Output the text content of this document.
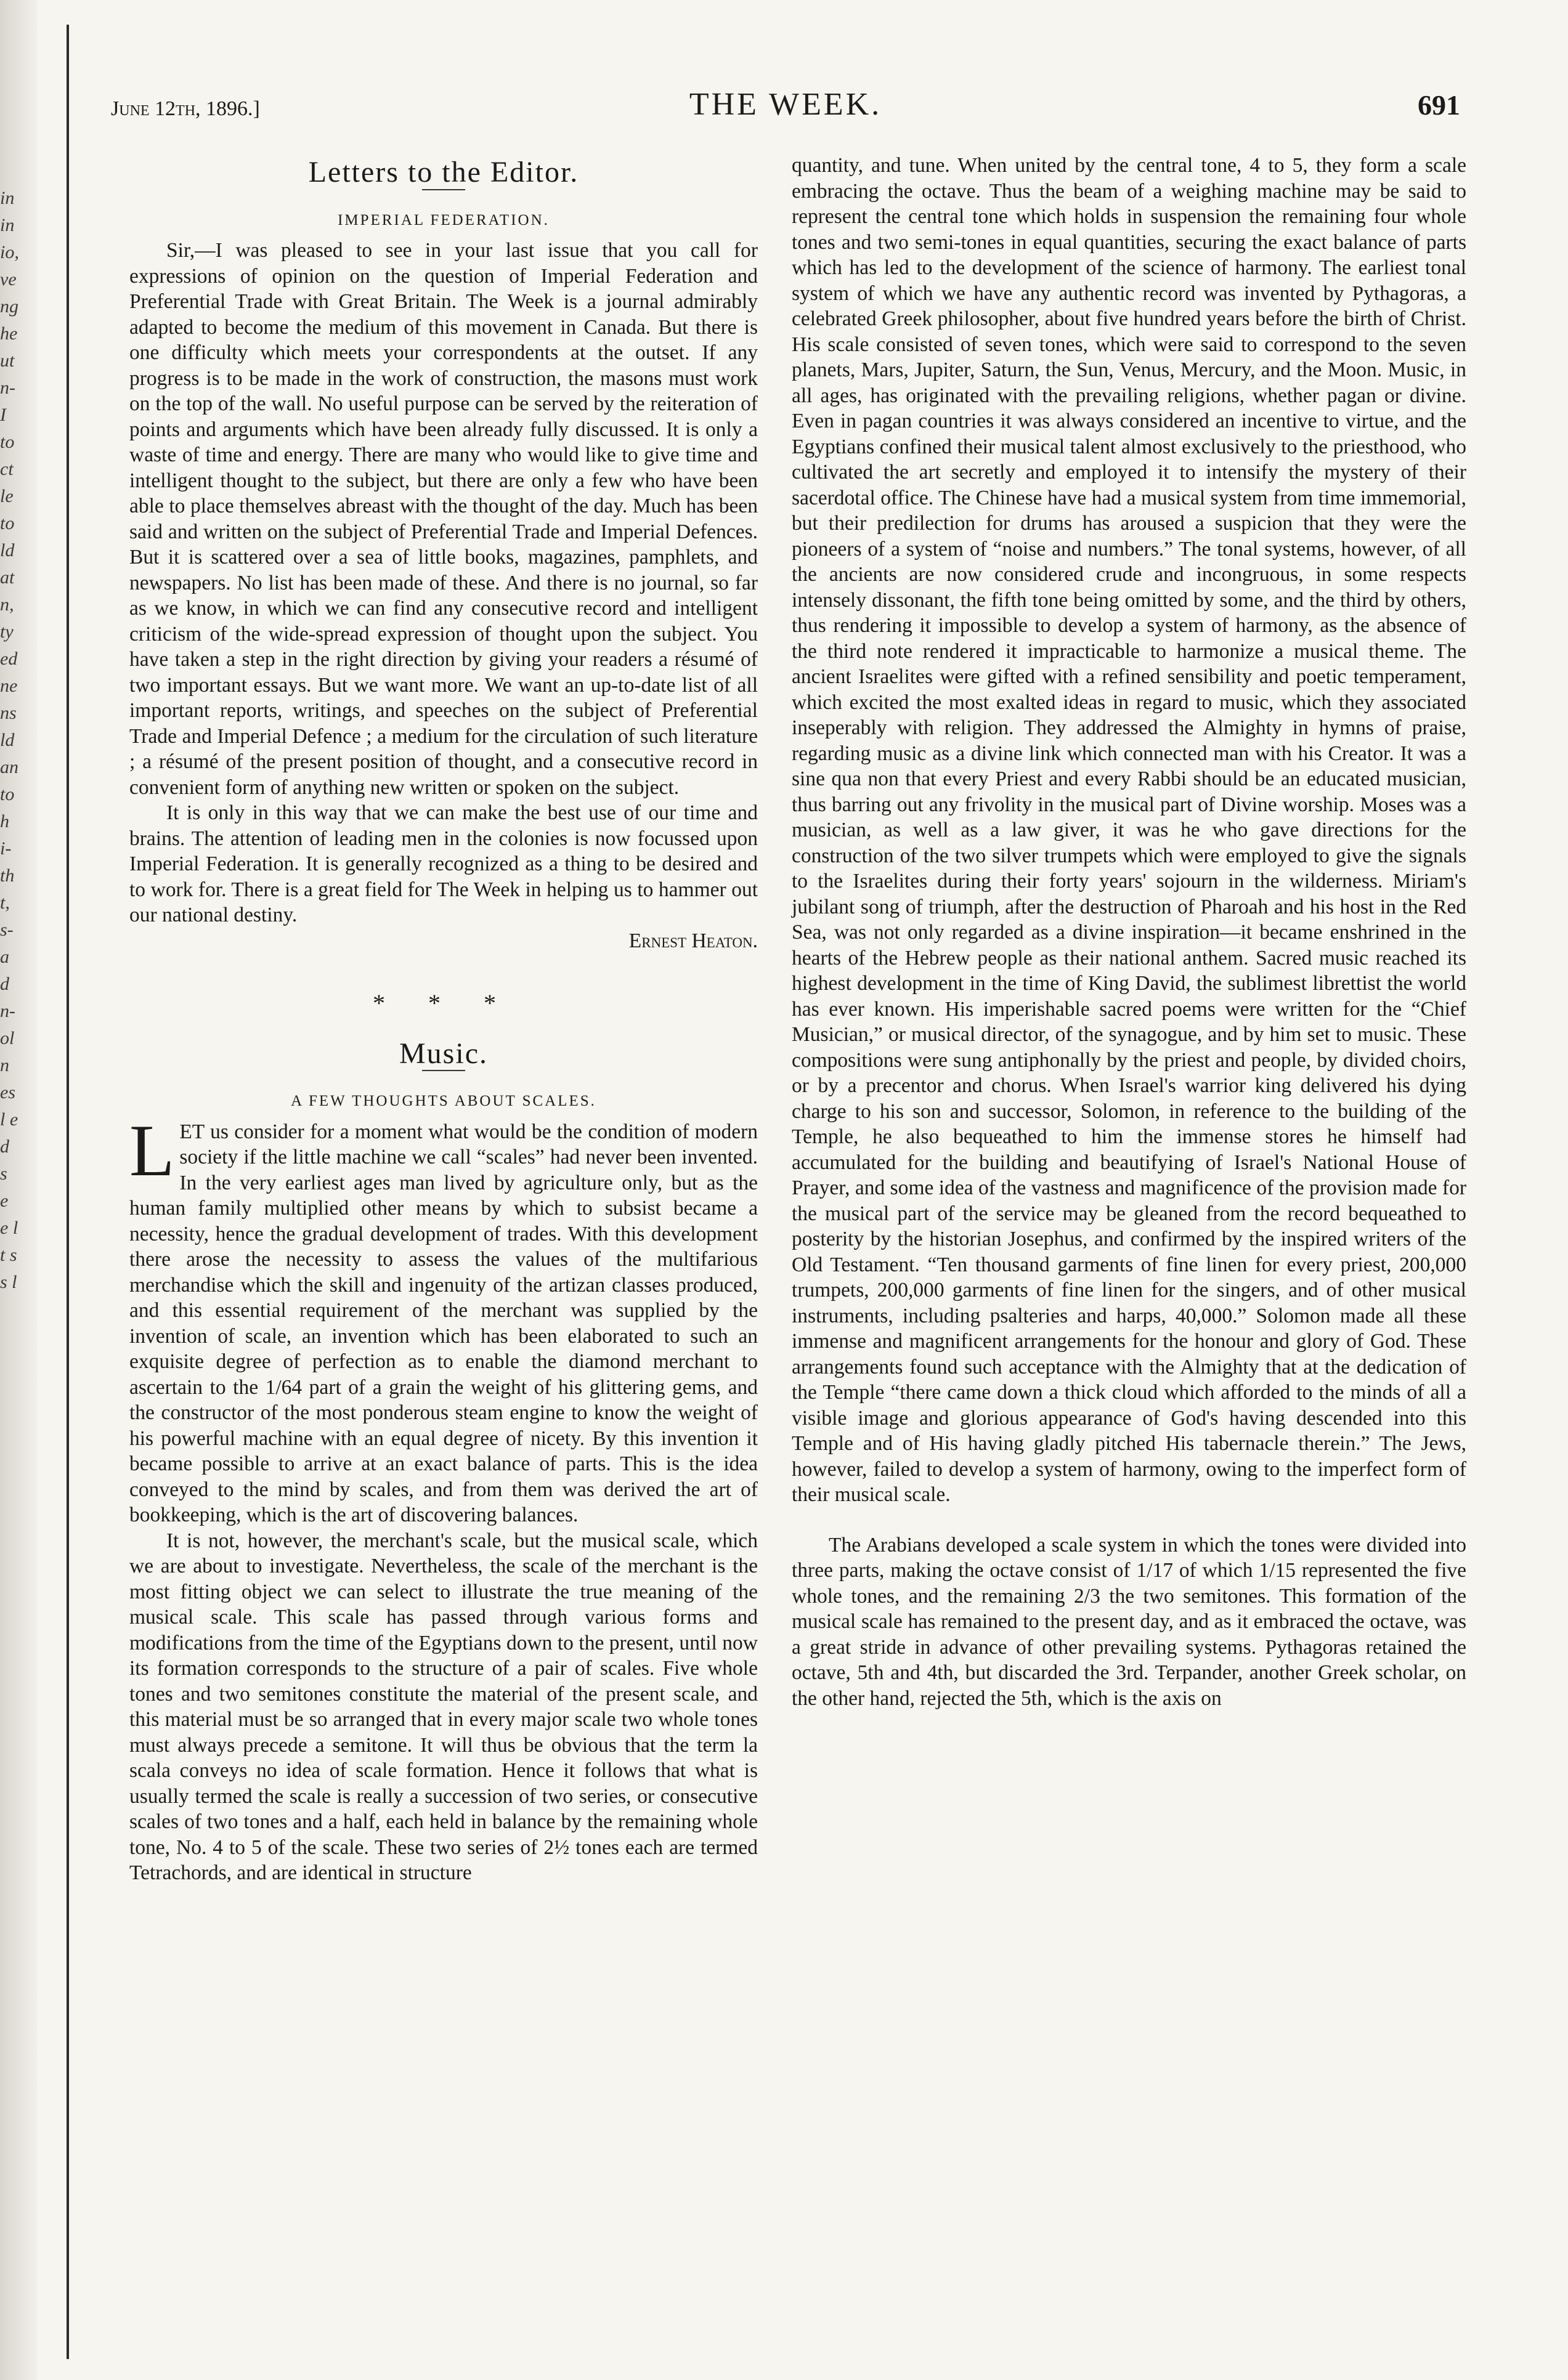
in in io, ve ng he ut n- I to ct le to ld at n, ty ed ne ns ld an to h i- th t, s- a d n- ol n es l e d s e e l t s s l
June 12th, 1896.]	THE WEEK.	691
Letters to the Editor.
IMPERIAL FEDERATION.

Sir,—I was pleased to see in your last issue that you call for expressions of opinion on the question of Imperial Federation and Preferential Trade with Great Britain. The Week is a journal admirably adapted to become the medium of this movement in Canada. But there is one difficulty which meets your correspondents at the outset. If any progress is to be made in the work of construction, the masons must work on the top of the wall. No useful purpose can be served by the reiteration of points and arguments which have been already fully discussed. It is only a waste of time and energy. There are many who would like to give time and intelligent thought to the subject, but there are only a few who have been able to place themselves abreast with the thought of the day. Much has been said and written on the subject of Preferential Trade and Imperial Defences. But it is scattered over a sea of little books, magazines, pamphlets, and newspapers. No list has been made of these. And there is no journal, so far as we know, in which we can find any consecutive record and intelligent criticism of the wide-spread expression of thought upon the subject. You have taken a step in the right direction by giving your readers a résumé of two important essays. But we want more. We want an up-to-date list of all important reports, writings, and speeches on the subject of Preferential Trade and Imperial Defence ; a medium for the circulation of such literature ; a résumé of the present position of thought, and a consecutive record in convenient form of anything new written or spoken on the subject.

It is only in this way that we can make the best use of our time and brains. The attention of leading men in the colonies is now focussed upon Imperial Federation. It is generally recognized as a thing to be desired and to work for. There is a great field for The Week in helping us to hammer out our national destiny.

Ernest Heaton.

* * *
Music.
A FEW THOUGHTS ABOUT SCALES.

LET us consider for a moment what would be the condition of modern society if the little machine we call “scales” had never been invented. In the very earliest ages man lived by agriculture only, but as the human family multiplied other means by which to subsist became a necessity, hence the gradual development of trades. With this development there arose the necessity to assess the values of the multifarious merchandise which the skill and ingenuity of the artizan classes produced, and this essential requirement of the merchant was supplied by the invention of scale, an invention which has been elaborated to such an exquisite degree of perfection as to enable the diamond merchant to ascertain to the 1/64 part of a grain the weight of his glittering gems, and the constructor of the most ponderous steam engine to know the weight of his powerful machine with an equal degree of nicety. By this invention it became possible to arrive at an exact balance of parts. This is the idea conveyed to the mind by scales, and from them was derived the art of bookkeeping, which is the art of discovering balances.

It is not, however, the merchant's scale, but the musical scale, which we are about to investigate. Nevertheless, the scale of the merchant is the most fitting object we can select to illustrate the true meaning of the musical scale. This scale has passed through various forms and modifications from the time of the Egyptians down to the present, until now its formation corresponds to the structure of a pair of scales. Five whole tones and two semitones constitute the material of the present scale, and this material must be so arranged that in every major scale two whole tones must always precede a semitone. It will thus be obvious that the term la scala conveys no idea of scale formation. Hence it follows that what is usually termed the scale is really a succession of two series, or consecutive scales of two tones and a half, each held in balance by the remaining whole tone, No. 4 to 5 of the scale. These two series of 2½ tones each are termed Tetrachords, and are identical in structure

quantity, and tune. When united by the central tone, 4 to 5, they form a scale embracing the octave. Thus the beam of a weighing machine may be said to represent the central tone which holds in suspension the remaining four whole tones and two semi-tones in equal quantities, securing the exact balance of parts which has led to the development of the science of harmony. The earliest tonal system of which we have any authentic record was invented by Pythagoras, a celebrated Greek philosopher, about five hundred years before the birth of Christ. His scale consisted of seven tones, which were said to correspond to the seven planets, Mars, Jupiter, Saturn, the Sun, Venus, Mercury, and the Moon. Music, in all ages, has originated with the prevailing religions, whether pagan or divine. Even in pagan countries it was always considered an incentive to virtue, and the Egyptians confined their musical talent almost exclusively to the priesthood, who cultivated the art secretly and employed it to intensify the mystery of their sacerdotal office. The Chinese have had a musical system from time immemorial, but their predilection for drums has aroused a suspicion that they were the pioneers of a system of “noise and numbers.” The tonal systems, however, of all the ancients are now considered crude and incongruous, in some respects intensely dissonant, the fifth tone being omitted by some, and the third by others, thus rendering it impossible to develop a system of harmony, as the absence of the third note rendered it impracticable to harmonize a musical theme. The ancient Israelites were gifted with a refined sensibility and poetic temperament, which excited the most exalted ideas in regard to music, which they associated inseperably with religion. They addressed the Almighty in hymns of praise, regarding music as a divine link which connected man with his Creator. It was a sine qua non that every Priest and every Rabbi should be an educated musician, thus barring out any frivolity in the musical part of Divine worship. Moses was a musician, as well as a law giver, it was he who gave directions for the construction of the two silver trumpets which were employed to give the signals to the Israelites during their forty years' sojourn in the wilderness. Miriam's jubilant song of triumph, after the destruction of Pharoah and his host in the Red Sea, was not only regarded as a divine inspiration—it became enshrined in the hearts of the Hebrew people as their national anthem. Sacred music reached its highest development in the time of King David, the sublimest librettist the world has ever known. His imperishable sacred poems were written for the “Chief Musician,” or musical director, of the synagogue, and by him set to music. These compositions were sung antiphonally by the priest and people, by divided choirs, or by a precentor and chorus. When Israel's warrior king delivered his dying charge to his son and successor, Solomon, in reference to the building of the Temple, he also bequeathed to him the immense stores he himself had accumulated for the building and beautifying of Israel's National House of Prayer, and some idea of the vastness and magnificence of the provision made for the musical part of the service may be gleaned from the record bequeathed to posterity by the historian Josephus, and confirmed by the inspired writers of the Old Testament. “Ten thousand garments of fine linen for every priest, 200,000 trumpets, 200,000 garments of fine linen for the singers, and of other musical instruments, including psalteries and harps, 40,000.” Solomon made all these immense and magnificent arrangements for the honour and glory of God. These arrangements found such acceptance with the Almighty that at the dedication of the Temple “there came down a thick cloud which afforded to the minds of all a visible image and glorious appearance of God's having descended into this Temple and of His having gladly pitched His tabernacle therein.” The Jews, however, failed to develop a system of harmony, owing to the imperfect form of their musical scale.

The Arabians developed a scale system in which the tones were divided into three parts, making the octave consist of 1/17 of which 1/15 represented the five whole tones, and the remaining 2/3 the two semitones. This formation of the musical scale has remained to the present day, and as it embraced the octave, was a great stride in advance of other prevailing systems. Pythagoras retained the octave, 5th and 4th, but discarded the 3rd. Terpander, another Greek scholar, on the other hand, rejected the 5th, which is the axis on
